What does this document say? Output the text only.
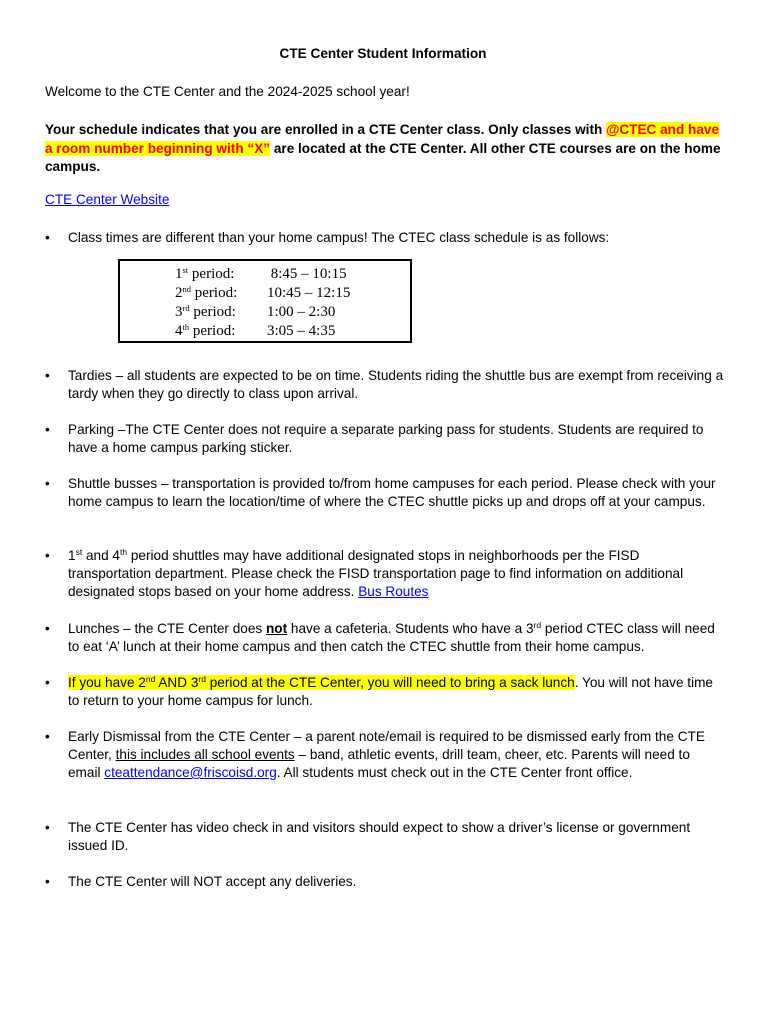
CTE Center Student Information
Welcome to the CTE Center and the 2024-2025 school year!
Your schedule indicates that you are enrolled in a CTE Center class. Only classes with @CTEC and have a room number beginning with “X” are located at the CTE Center. All other CTE courses are on the home campus.
CTE Center Website
•	Class times are different than your home campus! The CTEC class schedule is as follows:
•	Tardies – all students are expected to be on time. Students riding the shuttle bus are exempt from receiving a tardy when they go directly to class upon arrival.
•	Parking –The CTE Center does not require a separate parking pass for students. Students are required to have a home campus parking sticker.
•	Shuttle busses – transportation is provided to/from home campuses for each period. Please check with your home campus to learn the location/time of where the CTEC shuttle picks up and drops off at your campus.
•	1st and 4th period shuttles may have additional designated stops in neighborhoods per the FISD transportation department. Please check the FISD transportation page to find information on additional designated stops based on your home address. Bus Routes
•	Lunches – the CTE Center does not have a cafeteria. Students who have a 3rd period CTEC class will need to eat ‘A’ lunch at their home campus and then catch the CTEC shuttle from their home campus.
•	If you have 2nd AND 3rd period at the CTE Center, you will need to bring a sack lunch. You will not have time to return to your home campus for lunch.
•	Early Dismissal from the CTE Center – a parent note/email is required to be dismissed early from the CTE Center, this includes all school events – band, athletic events, drill team, cheer, etc. Parents will need to email cteattendance@friscoisd.org. All students must check out in the CTE Center front office.
•	The CTE Center has video check in and visitors should expect to show a driver’s license or government issued ID.
•	The CTE Center will NOT accept any deliveries.
1st period: 8:45 – 10:15
2nd period: 10:45 – 12:15
3rd period: 1:00 – 2:30
4th period: 3:05 – 4:35
